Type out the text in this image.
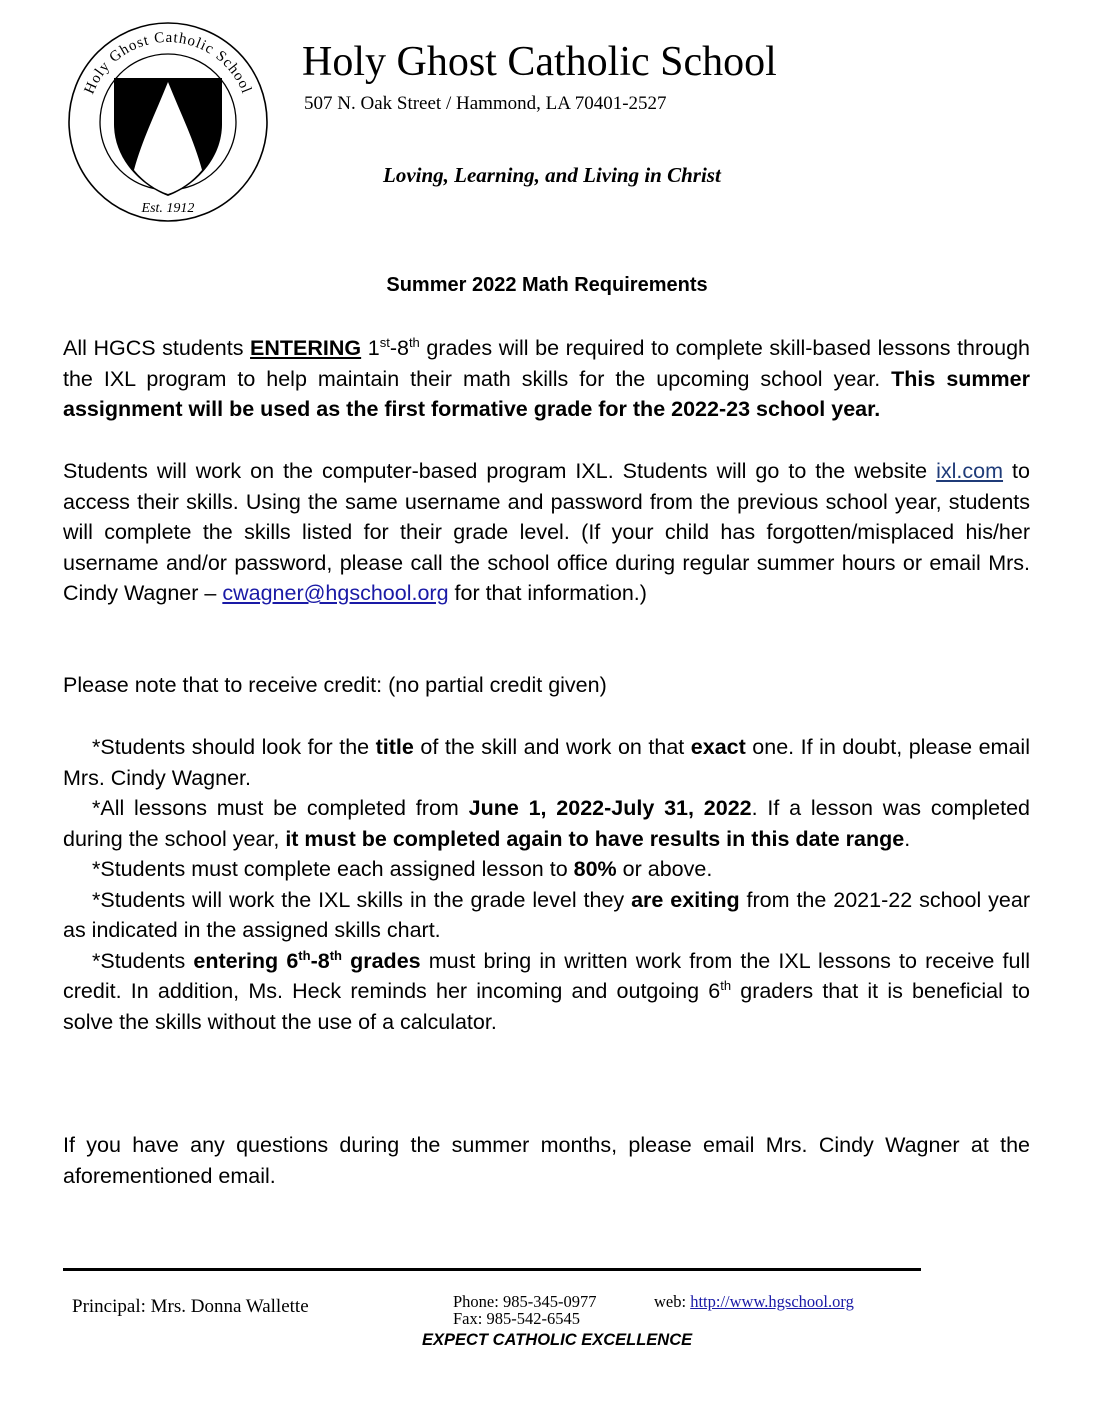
Holy Ghost Catholic School
Est. 1912
Holy Ghost Catholic School
507 N. Oak Street / Hammond, LA 70401-2527
Loving, Learning, and Living in Christ
Summer 2022 Math Requirements
All HGCS students ENTERING 1st-8th grades will be required to complete skill-based lessons through the IXL program to help maintain their math skills for the upcoming school year. This summer assignment will be used as the first formative grade for the 2022-23 school year.
Students will work on the computer-based program IXL. Students will go to the website ixl.com to access their skills. Using the same username and password from the previous school year, students will complete the skills listed for their grade level. (If your child has forgotten/misplaced his/her username and/or password, please call the school office during regular summer hours or email Mrs. Cindy Wagner – cwagner@hgschool.org for that information.)
Please note that to receive credit: (no partial credit given)

*Students should look for the title of the skill and work on that exact one. If in doubt, please email Mrs. Cindy Wagner.

*All lessons must be completed from June 1, 2022-July 31, 2022. If a lesson was completed during the school year, it must be completed again to have results in this date range.

*Students must complete each assigned lesson to 80% or above.

*Students will work the IXL skills in the grade level they are exiting from the 2021-22 school year as indicated in the assigned skills chart.

*Students entering 6th-8th grades must bring in written work from the IXL lessons to receive full credit. In addition, Ms. Heck reminds her incoming and outgoing 6th graders that it is beneficial to solve the skills without the use of a calculator.

If you have any questions during the summer months, please email Mrs. Cindy Wagner at the aforementioned email.
Principal: Mrs. Donna Wallette	Phone: 985-345-0977
Fax: 985-542-6545
web: http://www.hgschool.org
EXPECT CATHOLIC EXCELLENCE
